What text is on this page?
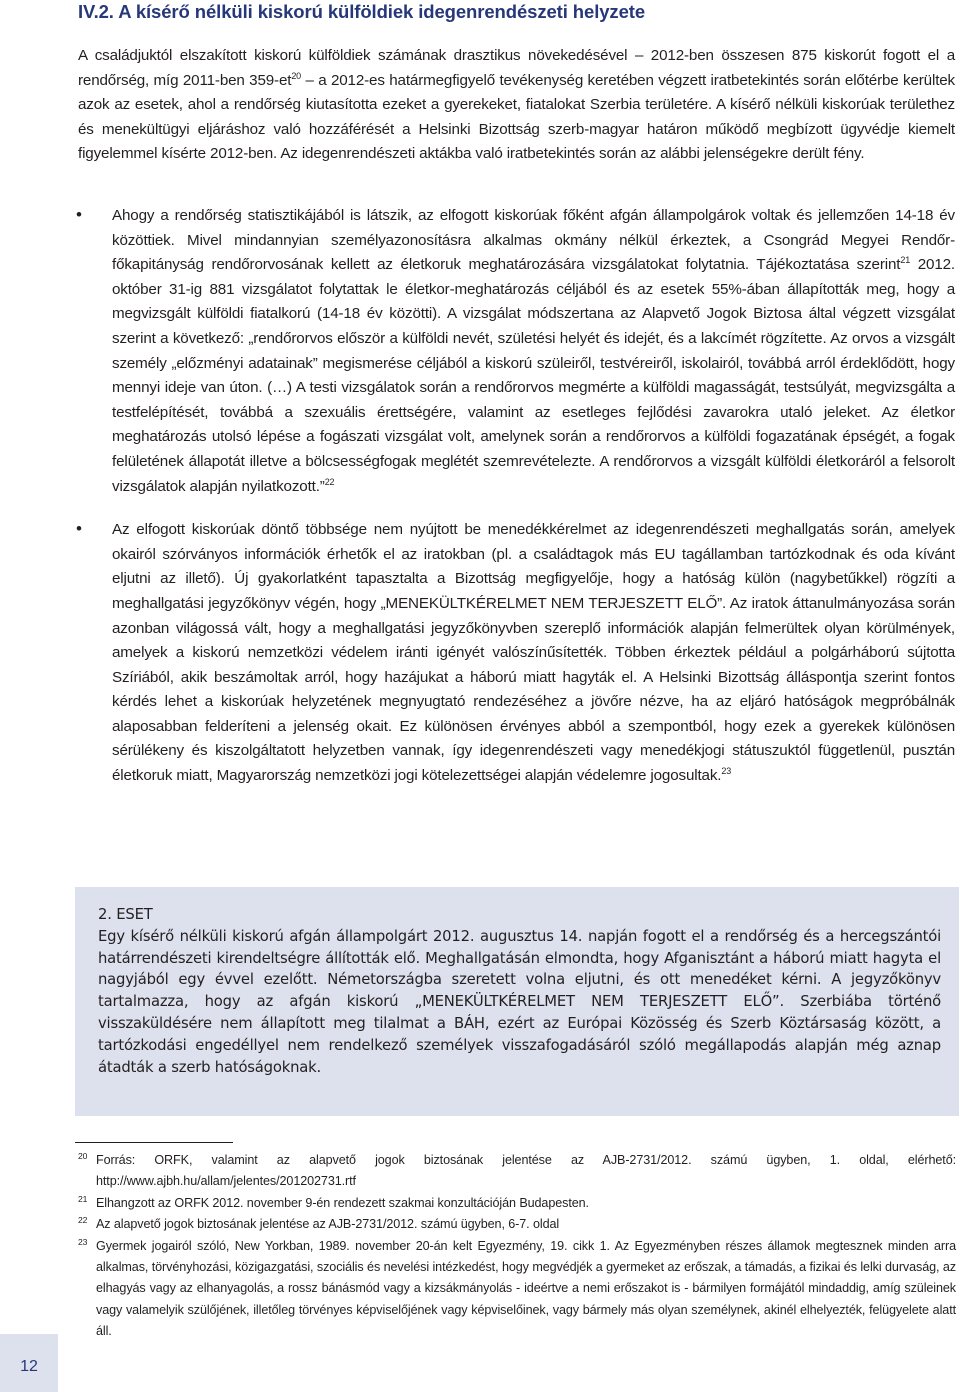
IV.2. A kísérő nélküli kiskorú külföldiek idegenrendészeti helyzete

A családjuktól elszakított kiskorú külföldiek számának drasztikus növekedésével – 2012-ben összesen 875 kiskorút fogott el a rendőrség, míg 2011-ben $359-et^{20}$ – a 2012-es határmegfigyelő tevékenység keretében végzett iratbetekintés során előtérbe kerültek azok az esetek, ahol a rendőrség kiutasította ezeket a gyerekeket, fiatalokat Szerbia területére. A kísérő nélküli kiskorúak területhez és menekültügyi eljáráshoz való hozzáférését a Helsinki Bizottság szerb-magyar határon működő megbízott ügyvédje kiemelt figyelemmel kísérte 2012-ben. Az idegenrendészeti aktákba való iratbetekintés során az alábbi jelenségekre derült fény.

• Ahogy a rendőrség statisztikájából is látszik, az elfogott kiskorúak főként afgán állampolgárok voltak és jellemzően 14-18 év közöttiek. Mivel mindannyian személyazonosításra alkalmas okmány nélkül érkeztek, a Csongrád Megyei Rendőr-főkapitányság rendőrorvosának kellett az életkoruk meghatározására vizsgálatokat folytatnia. Tájékoztatása szerint$^{21}$ 2012. október 31-ig 881 vizsgálatot folytattak le életkor-meghatározás céljából és az esetek 55%-ában állapították meg, hogy a megvizsgált külföldi fiatalkorú (14-18 év közötti). A vizsgálat módszertana az Alapvető Jogok Biztosa által végzett vizsgálat szerint a következő: „rendőrorvos először a külföldi nevét, születési helyét és idejét, és a lakcímét rögzítette. Az orvos a vizsgált személy „előzményi adatainak” megismerése céljából a kiskorú szüleiről, testvéreiről, iskolairól, továbbá arról érdeklődött, hogy mennyi ideje van úton. (…) A testi vizsgálatok során a rendőrorvos megmérte a külföldi magasságát, testsúlyát, megvizsgálta a testfelépítését, továbbá a szexuális érettségére, valamint az esetleges fejlődési zavarokra utaló jeleket. Az életkor meghatározás utolsó lépése a fogászati vizsgálat volt, amelynek során a rendőrorvos a külföldi fogazatának épségét, a fogak felületének állapotát illetve a bölcsességfogak meglétét szemrevételezte. A rendőrorvos a vizsgált külföldi életkoráról a felsorolt vizsgálatok alapján nyilatkozott.”$^{22}$

• Az elfogott kiskorúak döntő többsége nem nyújtott be menedékkérelmet az idegenrendészeti meghallgatás során, amelyek okairól szórványos információk érhetők el az iratokban (pl. a családtagok más EU tagállamban tartózkodnak és oda kívánt eljutni az illető). Új gyakorlatként tapasztalta a Bizottság megfigyelője, hogy a hatóság külön (nagybetűkkel) rögzíti a meghallgatási jegyzőkönyv végén, hogy „MENEKÜLTKÉRELMET NEM TERJESZETT ELŐ”. Az iratok áttanulmányozása során azonban világossá vált, hogy a meghallgatási jegyzőkönyvben szereplő információk alapján felmerültek olyan körülmények, amelyek a kiskorú nemzetközi védelem iránti igényét valószínűsítették. Többen érkeztek például a polgárháború sújtotta Szíriából, akik beszámoltak arról, hogy hazájukat a háború miatt hagyták el. A Helsinki Bizottság álláspontja szerint fontos kérdés lehet a kiskorúak helyzetének megnyugtató rendezéséhez a jövőre nézve, ha az eljáró hatóságok megpróbálnák alaposabban felderíteni a jelenség okait. Ez különösen érvényes abból a szempontból, hogy ezek a gyerekek különösen sérülékeny és kiszolgáltatott helyzetben vannak, így idegenrendészeti vagy menedékjogi státuszuktól függetlenül, pusztán életkoruk miatt, Magyarország nemzetközi jogi kötelezettségei alapján védelemre jogosultak.$^{23}$

2. ESET

Egy kísérő nélküli kiskorú afgán állampolgárt 2012. augusztus 14. napján fogott el a rendőrség és a hercegszántói határrendészeti kirendeltségre állították elő. Meghallgatásán elmondta, hogy Afganisztánt a háború miatt hagyta el nagyjából egy évvel ezelőtt. Németországba szeretett volna eljutni, és ott menedéket kérni. A jegyzőkönyv tartalmazza, hogy az afgán kiskorú „MENEKÜLTKÉRELMET NEM TERJESZETT ELŐ”. Szerbiába történő visszaküldésére nem állapított meg tilalmat a BÁH, ezért az Európai Közösség és Szerb Köztársaság között, a tartózkodási engedéllyel nem rendelkező személyek visszafogadásáról szóló megállapodás alapján még aznap átadták a szerb hatóságoknak.

20 Forrás: ORFK, valamint az alapvető jogok biztosának jelentése az AJB-2731/2012. számú ügyben, 1. oldal, elérhető: http://www.ajbh.hu/allam/jelentes/201202731.rtf

21 Elhangzott az ORFK 2012. november 9-én rendezett szakmai konzultációján Budapesten.

22 Az alapvető jogok biztosának jelentése az AJB-2731/2012. számú ügyben, 6-7. oldal

23 Gyermek jogairól szóló, New Yorkban, 1989. november 20-án kelt Egyezmény, 19. cikk 1. Az Egyezményben részes államok megtesznek minden arra alkalmas, törvényhozási, közigazgatási, szociális és nevelési intézkedést, hogy megvédjék a gyermeket az erőszak, a támadás, a fizikai és lelki durvaság, az elhagyás vagy az elhanyagolás, a rossz bánásmód vagy a kizsákmányolás - ideértve a nemi erőszakot is - bármilyen formájától mindaddig, amíg szüleinek vagy valamelyik szülőjének, illetőleg törvényes képviselőjének vagy képviselőinek, vagy bármely más olyan személynek, akinél elhelyezték, felügyelete alatt áll.

12
